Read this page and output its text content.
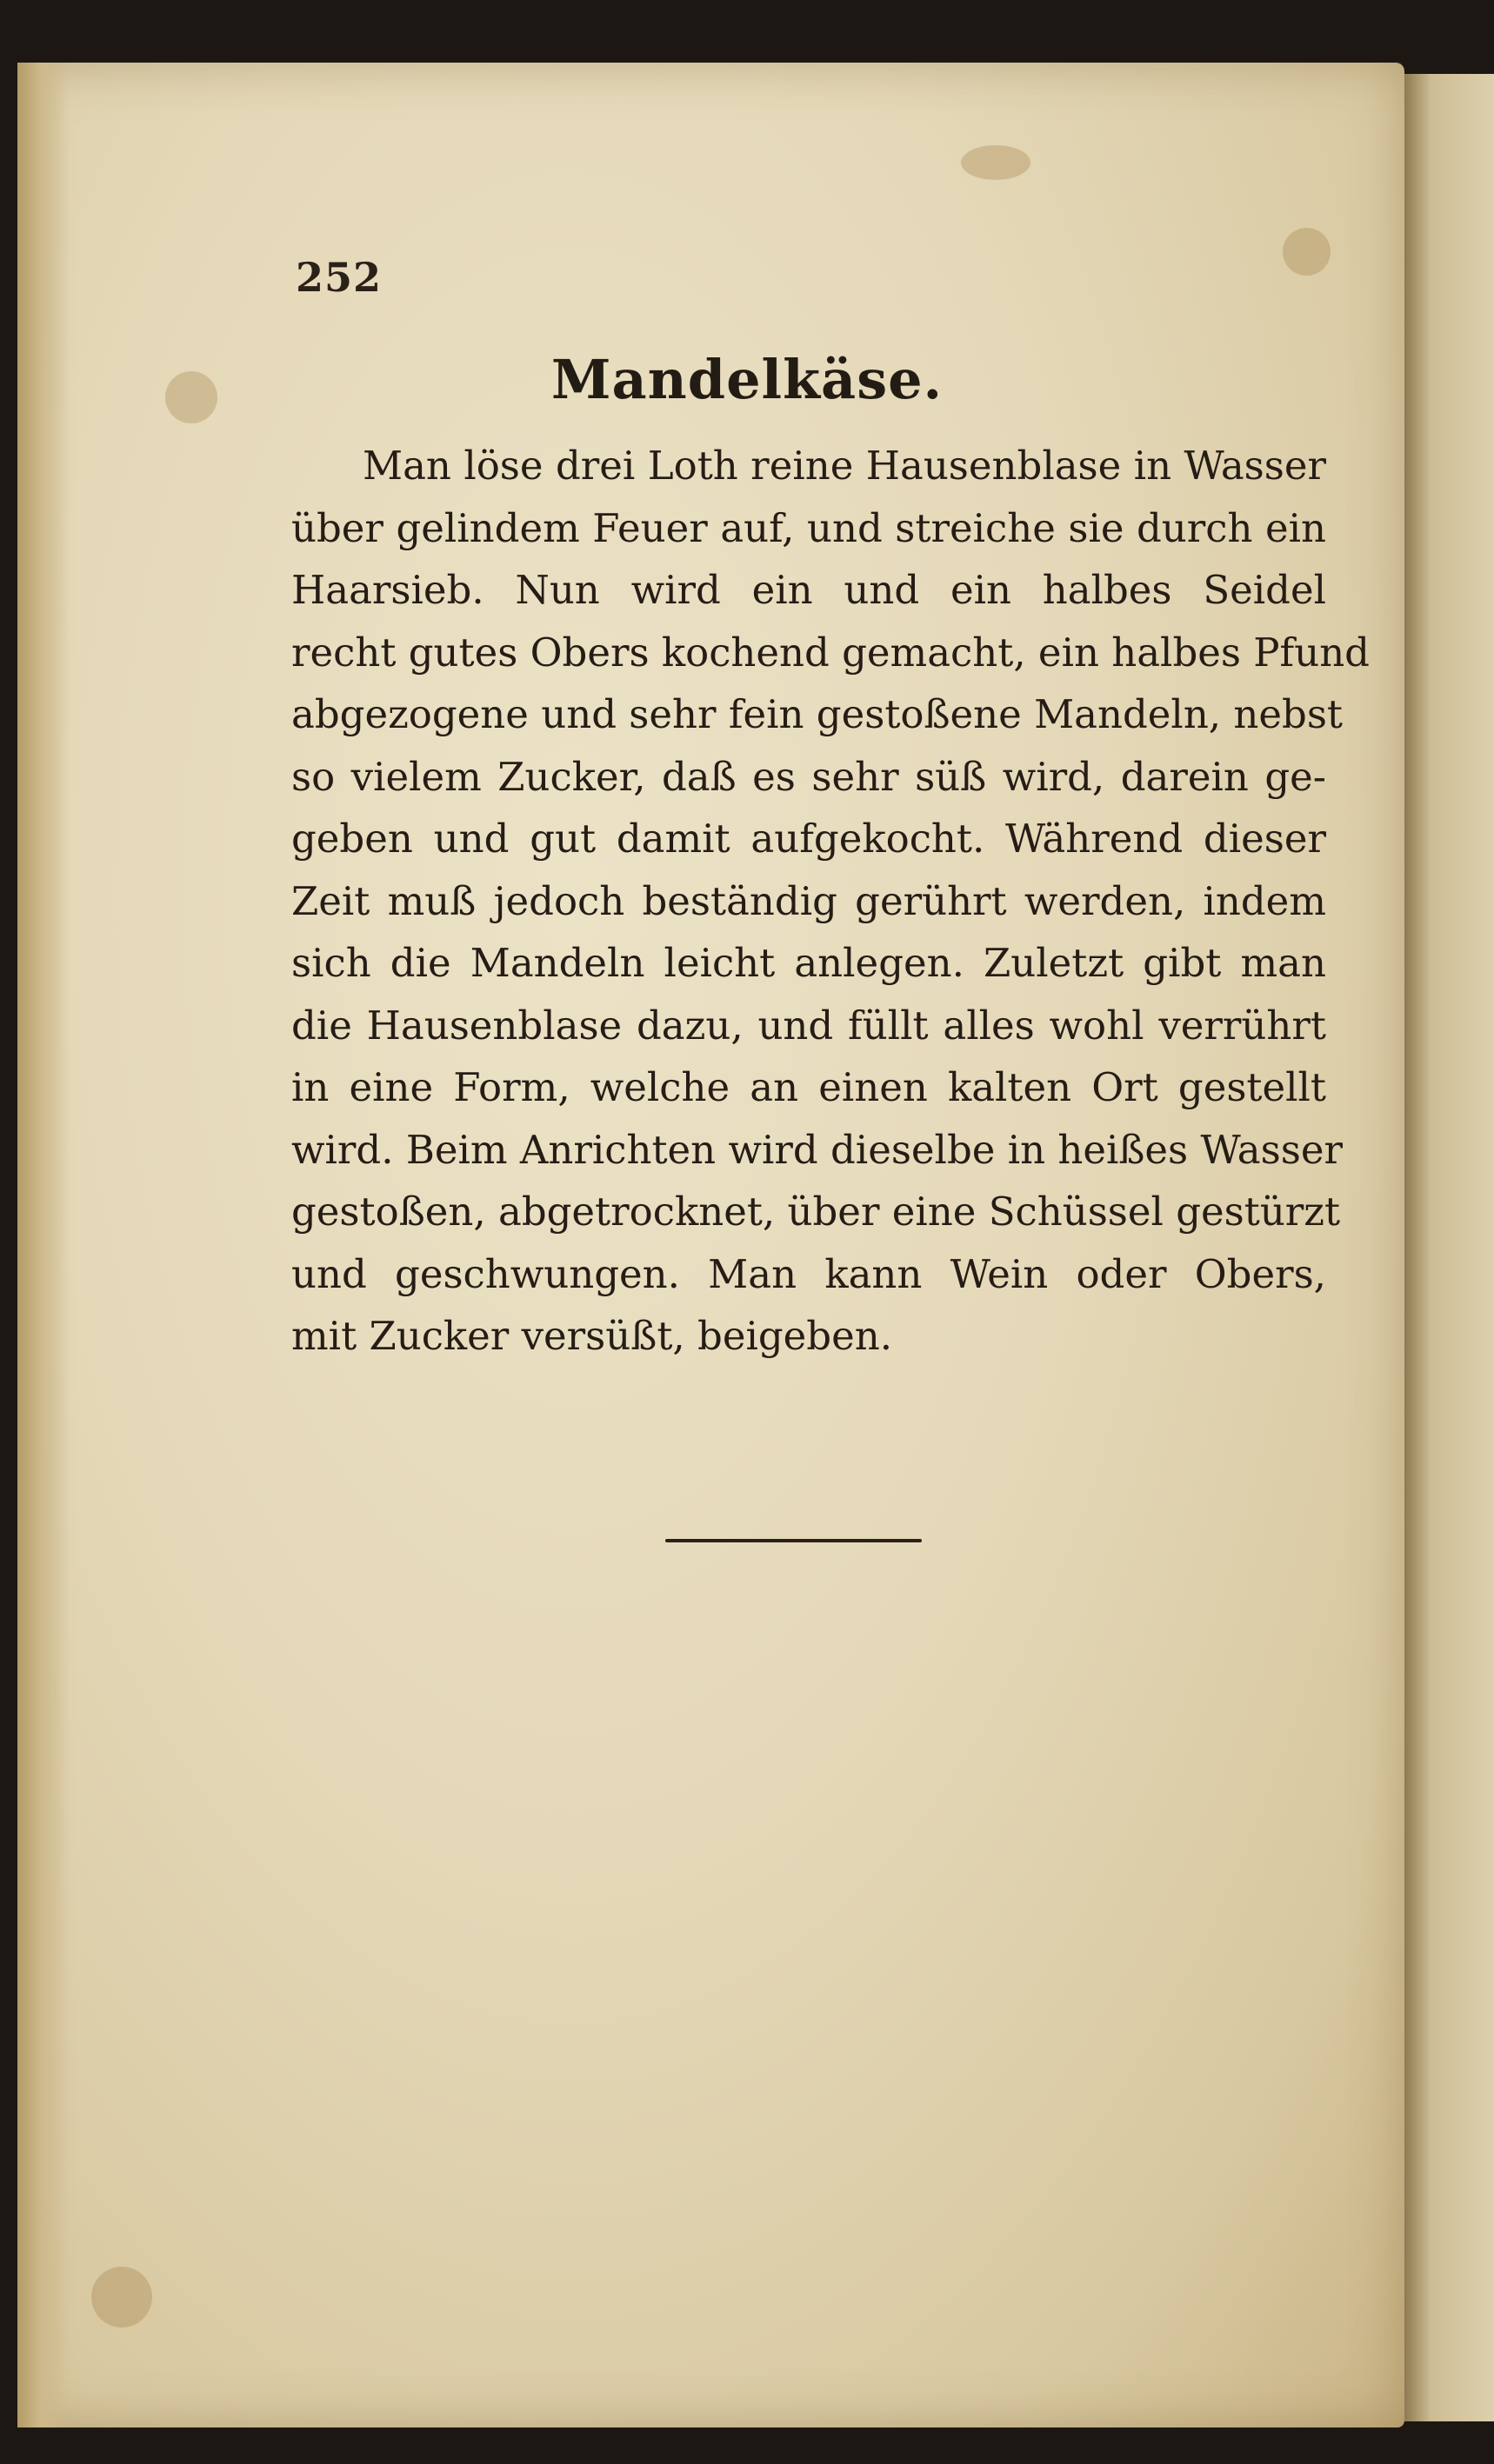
252
Mandelkäse.
Man löse drei Loth reine Hausenblase in Wasser
über gelindem Feuer auf, und streiche sie durch ein
Haarsieb. Nun wird ein und ein halbes Seidel
recht gutes Obers kochend gemacht, ein halbes Pfund
abgezogene und sehr fein gestoßene Mandeln, nebst
so vielem Zucker, daß es sehr süß wird, darein ge-
geben und gut damit aufgekocht. Während dieser
Zeit muß jedoch beständig gerührt werden, indem
sich die Mandeln leicht anlegen. Zuletzt gibt man
die Hausenblase dazu, und füllt alles wohl verrührt
in eine Form, welche an einen kalten Ort gestellt
wird. Beim Anrichten wird dieselbe in heißes Wasser
gestoßen, abgetrocknet, über eine Schüssel gestürzt
und geschwungen. Man kann Wein oder Obers,
mit Zucker versüßt, beigeben.
